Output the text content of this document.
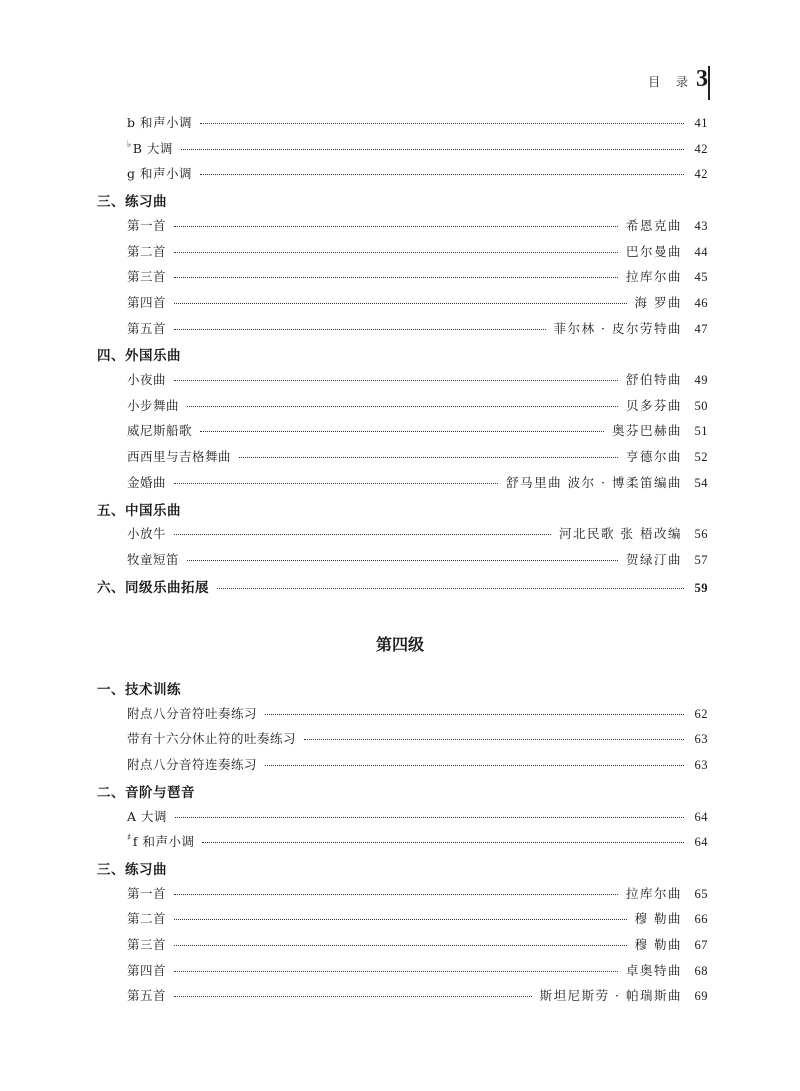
目 录 3
b 和声小调	41
♭B 大调	42
g 和声小调	42
三、练习曲
第一首	希恩克曲 43
第二首	巴尔曼曲 44
第三首	拉库尔曲 45
第四首	海 罗曲 46
第五首	菲尔林 · 皮尔劳特曲 47
四、外国乐曲
小夜曲	舒伯特曲 49
小步舞曲	贝多芬曲 50
威尼斯船歌	奥芬巴赫曲 51
西西里与吉格舞曲	亨德尔曲 52
金婚曲	舒马里曲 波尔 · 博柔笛编曲 54
五、中国乐曲
小放牛	河北民歌 张 梧改编 56
牧童短笛	贺绿汀曲 57
六、同级乐曲拓展	59
一、技术训练
附点八分音符吐奏练习	62
带有十六分休止符的吐奏练习	63
附点八分音符连奏练习	63
二、音阶与琶音
A 大调	64
♯f 和声小调	64
三、练习曲
第一首	拉库尔曲 65
第二首	穆 勒曲 66
第三首	穆 勒曲 67
第四首	卓奥特曲 68
第五首	斯坦尼斯劳 · 帕瑞斯曲 69
第四级
